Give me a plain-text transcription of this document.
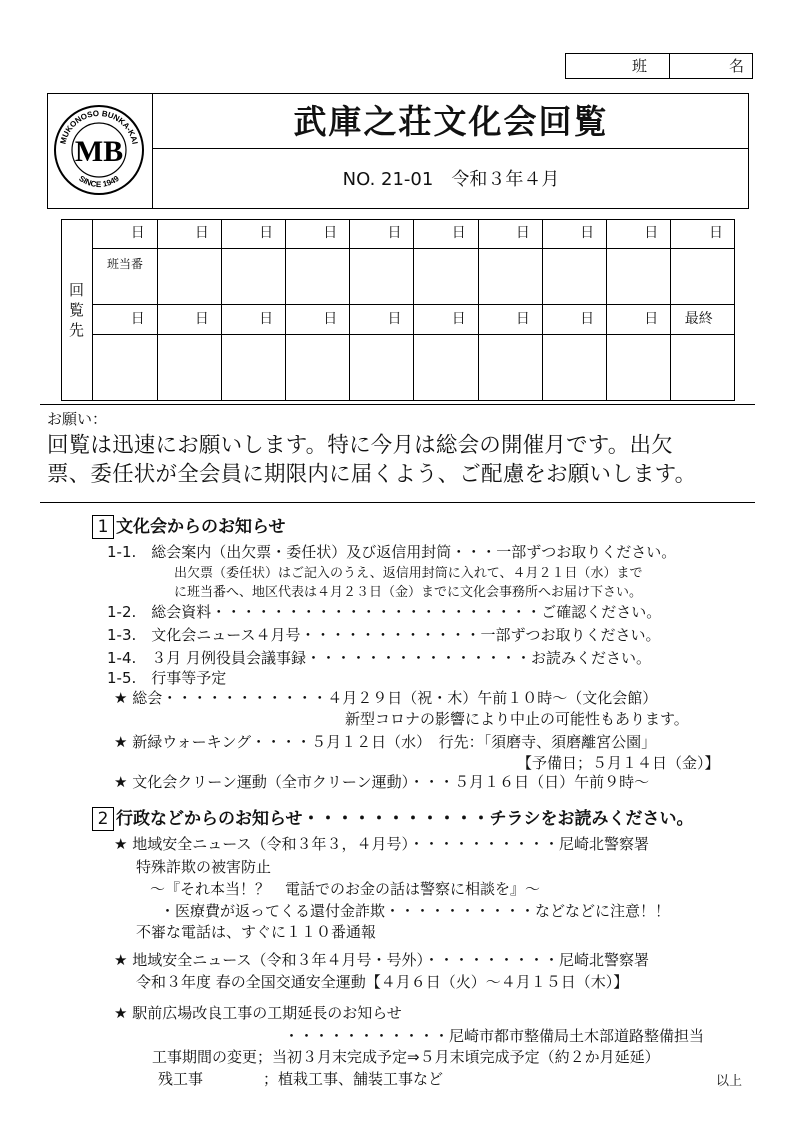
班	名
MUKONOSO BUNKA-KAI
SINCE 1949
MB
武庫之荘文化会回覧
NO. 21-01　令和３年４月
回
覧
先
日	日	日	日	日	日	日	日	日	日
班当番
日	日	日	日	日	日	日	日	日	最終
お願い：
回覧は迅速にお願いします。特に今月は総会の開催月です。出欠
票、委任状が全会員に期限内に届くよう、ご配慮をお願いします。
1 文化会からのお知らせ
1-1.　総会案内（出欠票・委任状）及び返信用封筒・・・一部ずつお取りください。
出欠票（委任状）はご記入のうえ、返信用封筒に入れて、４月２１日（水）まで
に班当番へ、地区代表は４月２３日（金）までに文化会事務所へお届け下さい。
1-2.　総会資料・・・・・・・・・・・・・・・・・・・・・・ご確認ください。
1-3.　文化会ニュース４月号・・・・・・・・・・・・一部ずつお取りください。
1-4.　３月 月例役員会議事録・・・・・・・・・・・・・・・お読みください。
1-5.　行事等予定
★ 総会・・・・・・・・・・・４月２９日（祝・木）午前１０時～（文化会館）
新型コロナの影響により中止の可能性もあります。
★ 新緑ウォーキング・・・・５月１２日（水）　行先：「須磨寺、須磨離宮公園」
【予備日；５月１４日（金）】
★ 文化会クリーン運動（全市クリーン運動）・・・５月１６日（日）午前９時～
2 行政などからのお知らせ・・・・・・・・・・・チラシをお読みください。
★ 地域安全ニュース（令和３年３，４月号）・・・・・・・・・・尼崎北警察署
特殊詐欺の被害防止
～『それ本当！？　電話でのお金の話は警察に相談を』～
・医療費が返ってくる還付金詐欺・・・・・・・・・・などなどに注意！！
不審な電話は、すぐに１１０番通報
★ 地域安全ニュース（令和３年４月号・号外）・・・・・・・・・尼崎北警察署
令和３年度 春の全国交通安全運動【４月６日（火）～４月１５日（木）】
★ 駅前広場改良工事の工期延長のお知らせ
・・・・・・・・・・・尼崎市都市整備局土木部道路整備担当
工事期間の変更；当初３月末完成予定⇒５月末頃完成予定（約２か月延延）
残工事　　　　；植栽工事、舗装工事など	以上
